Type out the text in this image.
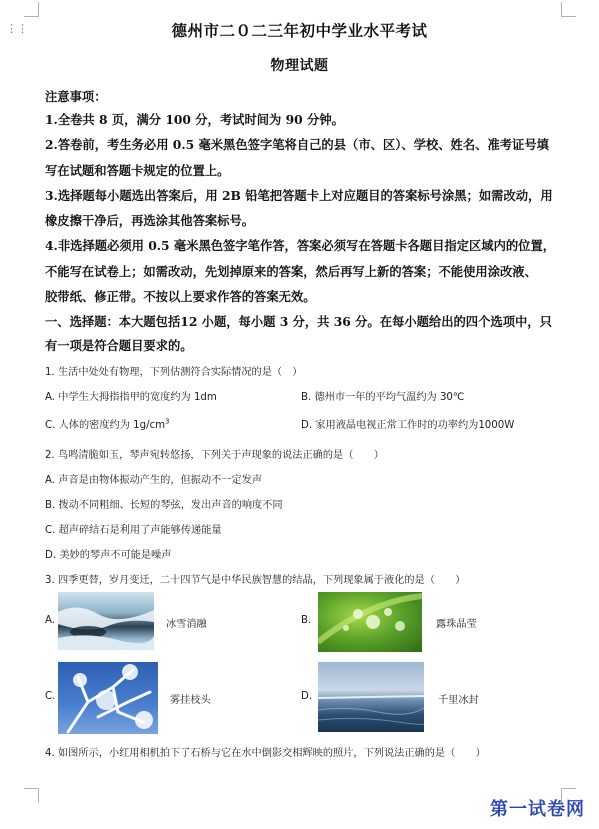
⋮⋮	德州市二０二三年初中学业水平考试
物理试题
注意事项：
1.全卷共 8 页，满分 100 分，考试时间为 90 分钟。
2.答卷前，考生务必用 0.5 毫米黑色签字笔将自己的县（市、区）、学校、姓名、准考证号填
写在试题和答题卡规定的位置上。
3.选择题每小题选出答案后，用 2B 铅笔把答题卡上对应题目的答案标号涂黑；如需改动，用
橡皮擦干净后，再选涂其他答案标号。
4.非选择题必须用 0.5 毫米黑色签字笔作答，答案必须写在答题卡各题目指定区域内的位置，
不能写在试卷上；如需改动，先划掉原来的答案，然后再写上新的答案；不能使用涂改液、
胶带纸、修正带。不按以上要求作答的答案无效。
一、选择题：本大题包括12 小题，每小题 3 分，共 36 分。在每小题给出的四个选项中，只
有一项是符合题目要求的。
1. 生活中处处有物理，下列估测符合实际情况的是（　）
A. 中学生大拇指指甲的宽度约为 1dm	B. 德州市一年的平均气温约为 30℃
C. 人体的密度约为 $1g/cm^3$	D. 家用液晶电视正常工作时的功率约为1000W
2. 鸟鸣清脆如玉，琴声宛转悠扬，下列关于声现象的说法正确的是（　　）
A. 声音是由物体振动产生的，但振动不一定发声
B. 拨动不同粗细、长短的琴弦，发出声音的响度不同
C. 超声碎结石是利用了声能够传递能量
D. 美妙的琴声不可能是噪声
3. 四季更替，岁月变迁，二十四节气是中华民族智慧的结晶，下列现象属于液化的是（　　）
A.	冰雪消融	B.	露珠晶莹
C.	雾挂枝头	D.	千里冰封
4. 如图所示，小红用相机拍下了石桥与它在水中倒影交相辉映的照片，下列说法正确的是（　　）
第一试卷网
